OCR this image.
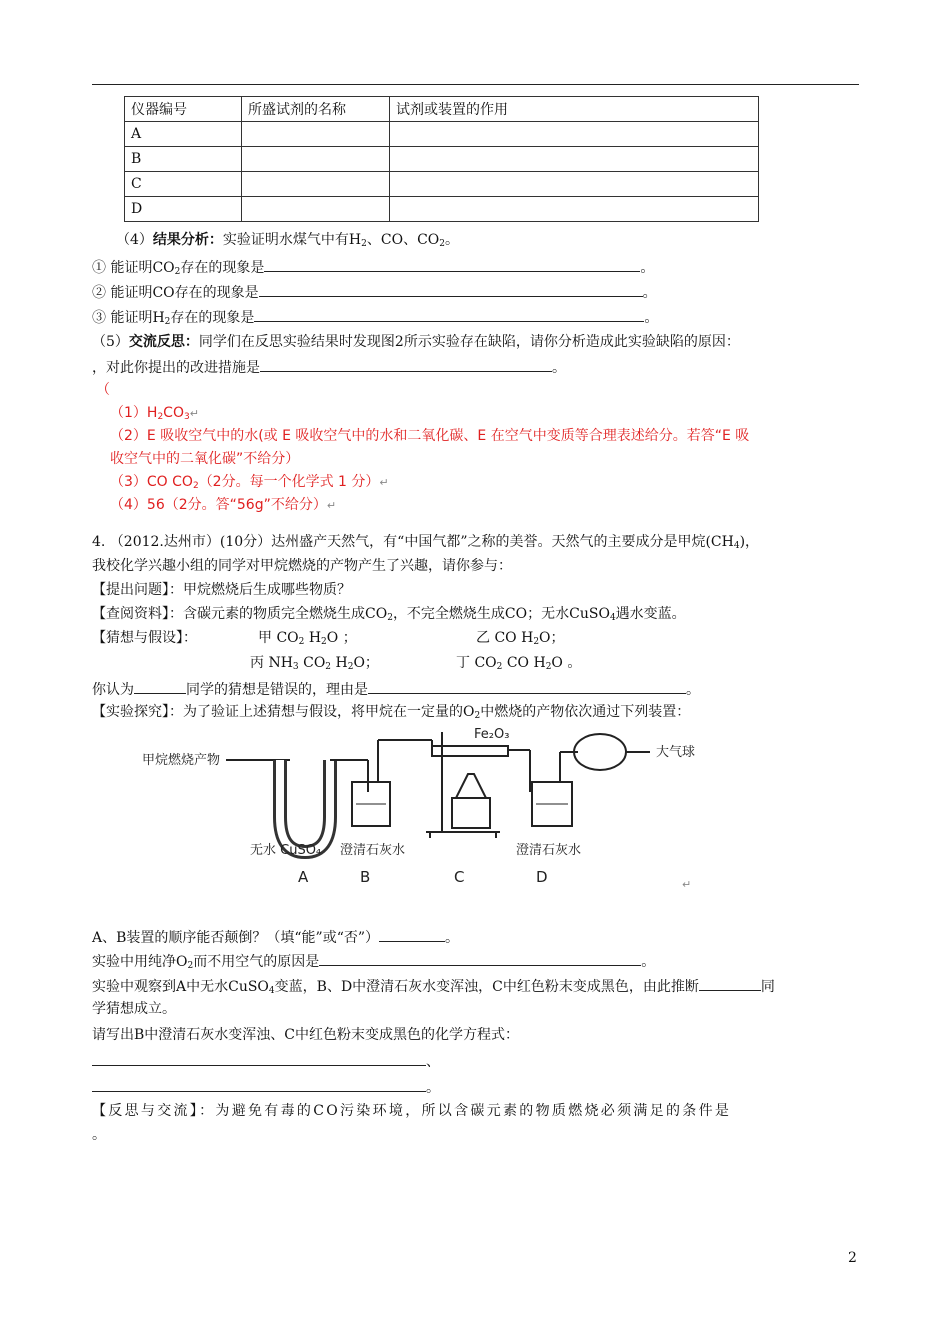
仪器编号	所盛试剂的名称	试剂或装置的作用
A		
B		
C		
D		
（4）结果分析：实验证明水煤气中有$H_2$、CO、$CO_2$。
① 能证明$CO_2$存在的现象是	。
② 能证明CO存在的现象是	。
③ 能证明$H_2$存在的现象是	。
（5）交流反思：同学们在反思实验结果时发现图2所示实验存在缺陷，请你分析造成此实验缺陷的原因：
，对此你提出的改进措施是	。
（
$(1)H_2CO_3↵$
（2）E 吸收空气中的水(或 E 吸收空气中的水和二氧化碳、E 在空气中变质等合理表述给分。若答“E 吸
收空气中的二氧化碳”不给分）
（3）CO $CO_2(2$分。每一个化学式 1 分）↵
（4）56（2分。答“56g”不给分）↵
4. （2012.达州市）(10分）达州盛产天然气，有“中国气都”之称的美誉。天然气的主要成分是甲烷$(CH_4)$，
我校化学兴趣小组的同学对甲烷燃烧的产物产生了兴趣，请你参与：
【提出问题】：甲烷燃烧后生成哪些物质？
【查阅资料】：含碳元素的物质完全燃烧生成$CO_2$，不完全燃烧生成CO；无水CuSO$_4$遇水变蓝。
【猜想与假设】：	甲 $CO_2$ $H_2O$ ；	乙 CO $H_2O$；
丙 $NH_3$ $CO_2$ $H_2O$；	丁 $CO_2$ CO $H_2O$ 。
你认为	同学的猜想是错误的，理由是	。
【实验探究】：为了验证上述猜想与假设，将甲烷在一定量的$O_2$中燃烧的产物依次通过下列装置：
甲烷燃烧产物
Fe₂O₃
大气球
无水 CuSO₄ 澄清石灰水	澄清石灰水
A	B	C	D	↵
A、B装置的顺序能否颠倒？（填“能”或“否”）	。
实验中用纯净$O_2$而不用空气的原因是	。
实验中观察到A中无水CuSO$_4$变蓝，B、D中澄清石灰水变浑浊，C中红色粉末变成黑色，由此推断	同
学猜想成立。
请写出B中澄清石灰水变浑浊、C中红色粉末变成黑色的化学方程式：
、
。
【反思与交流】：为避免有毒的CO污染环境，所以含碳元素的物质燃烧必须满足的条件是
。
2
